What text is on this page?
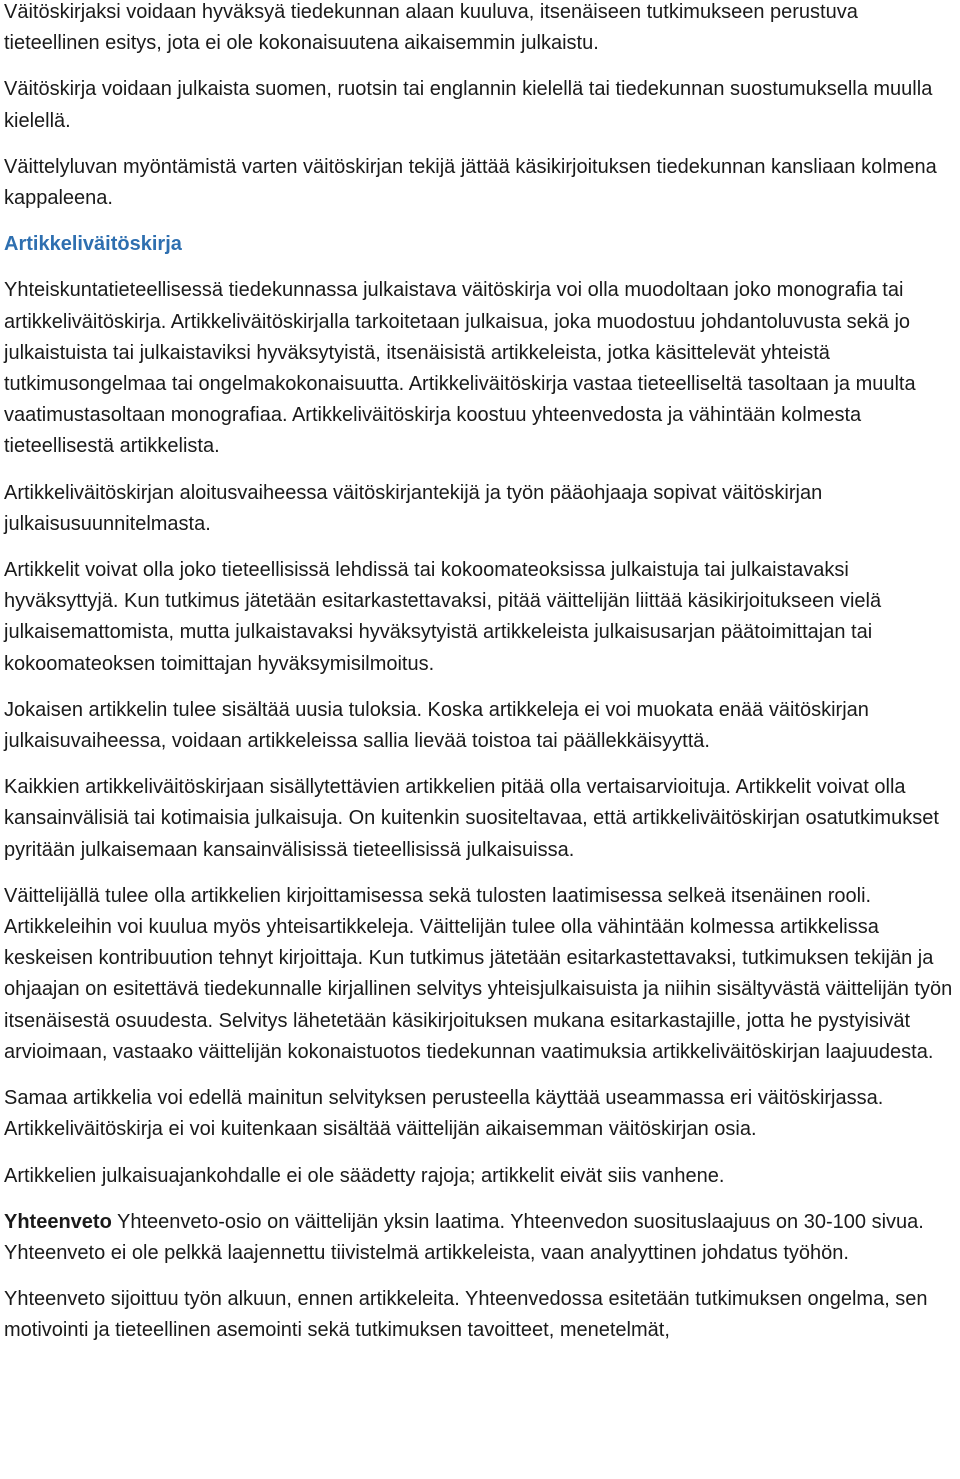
Väitöskirjaksi voidaan hyväksyä tiedekunnan alaan kuuluva, itsenäiseen tutkimukseen perustuva tieteellinen esitys, jota ei ole kokonaisuutena aikaisemmin julkaistu.

Väitöskirja voidaan julkaista suomen, ruotsin tai englannin kielellä tai tiedekunnan suostumuksella muulla kielellä.

Väittelyluvan myöntämistä varten väitöskirjan tekijä jättää käsikirjoituksen tiedekunnan kansliaan kolmena kappaleena.

Artikkeliväitöskirja

Yhteiskuntatieteellisessä tiedekunnassa julkaistava väitöskirja voi olla muodoltaan joko monografia tai artikkeliväitöskirja. Artikkeliväitöskirjalla tarkoitetaan julkaisua, joka muodostuu johdantoluvusta sekä jo julkaistuista tai julkaistaviksi hyväksytyistä, itsenäisistä artikkeleista, jotka käsittelevät yhteistä tutkimusongelmaa tai ongelmakokonaisuutta. Artikkeliväitöskirja vastaa tieteelliseltä tasoltaan ja muulta vaatimustasoltaan monografiaa. Artikkeliväitöskirja koostuu yhteenvedosta ja vähintään kolmesta tieteellisestä artikkelista.

Artikkeliväitöskirjan aloitusvaiheessa väitöskirjantekijä ja työn pääohjaaja sopivat väitöskirjan julkaisusuunnitelmasta.

Artikkelit voivat olla joko tieteellisissä lehdissä tai kokoomateoksissa julkaistuja tai julkaistavaksi hyväksyttyjä. Kun tutkimus jätetään esitarkastettavaksi, pitää väittelijän liittää käsikirjoitukseen vielä julkaisemattomista, mutta julkaistavaksi hyväksytyistä artikkeleista julkaisusarjan päätoimittajan tai kokoomateoksen toimittajan hyväksymisilmoitus.

Jokaisen artikkelin tulee sisältää uusia tuloksia. Koska artikkeleja ei voi muokata enää väitöskirjan julkaisuvaiheessa, voidaan artikkeleissa sallia lievää toistoa tai päällekkäisyyttä.

Kaikkien artikkeliväitöskirjaan sisällytettävien artikkelien pitää olla vertaisarvioituja. Artikkelit voivat olla kansainvälisiä tai kotimaisia julkaisuja. On kuitenkin suositeltavaa, että artikkeliväitöskirjan osatutkimukset pyritään julkaisemaan kansainvälisissä tieteellisissä julkaisuissa.

Väittelijällä tulee olla artikkelien kirjoittamisessa sekä tulosten laatimisessa selkeä itsenäinen rooli. Artikkeleihin voi kuulua myös yhteisartikkeleja. Väittelijän tulee olla vähintään kolmessa artikkelissa keskeisen kontribuution tehnyt kirjoittaja. Kun tutkimus jätetään esitarkastettavaksi, tutkimuksen tekijän ja ohjaajan on esitettävä tiedekunnalle kirjallinen selvitys yhteisjulkaisuista ja niihin sisältyvästä väittelijän työn itsenäisestä osuudesta. Selvitys lähetetään käsikirjoituksen mukana esitarkastajille, jotta he pystyisivät arvioimaan, vastaako väittelijän kokonaistuotos tiedekunnan vaatimuksia artikkeliväitöskirjan laajuudesta.

Samaa artikkelia voi edellä mainitun selvityksen perusteella käyttää useammassa eri väitöskirjassa. Artikkeliväitöskirja ei voi kuitenkaan sisältää väittelijän aikaisemman väitöskirjan osia.

Artikkelien julkaisuajankohdalle ei ole säädetty rajoja; artikkelit eivät siis vanhene.

Yhteenveto Yhteenveto-osio on väittelijän yksin laatima. Yhteenvedon suosituslaajuus on 30-100 sivua. Yhteenveto ei ole pelkkä laajennettu tiivistelmä artikkeleista, vaan analyyttinen johdatus työhön.

Yhteenveto sijoittuu työn alkuun, ennen artikkeleita. Yhteenvedossa esitetään tutkimuksen ongelma, sen motivointi ja tieteellinen asemointi sekä tutkimuksen tavoitteet, menetelmät,
